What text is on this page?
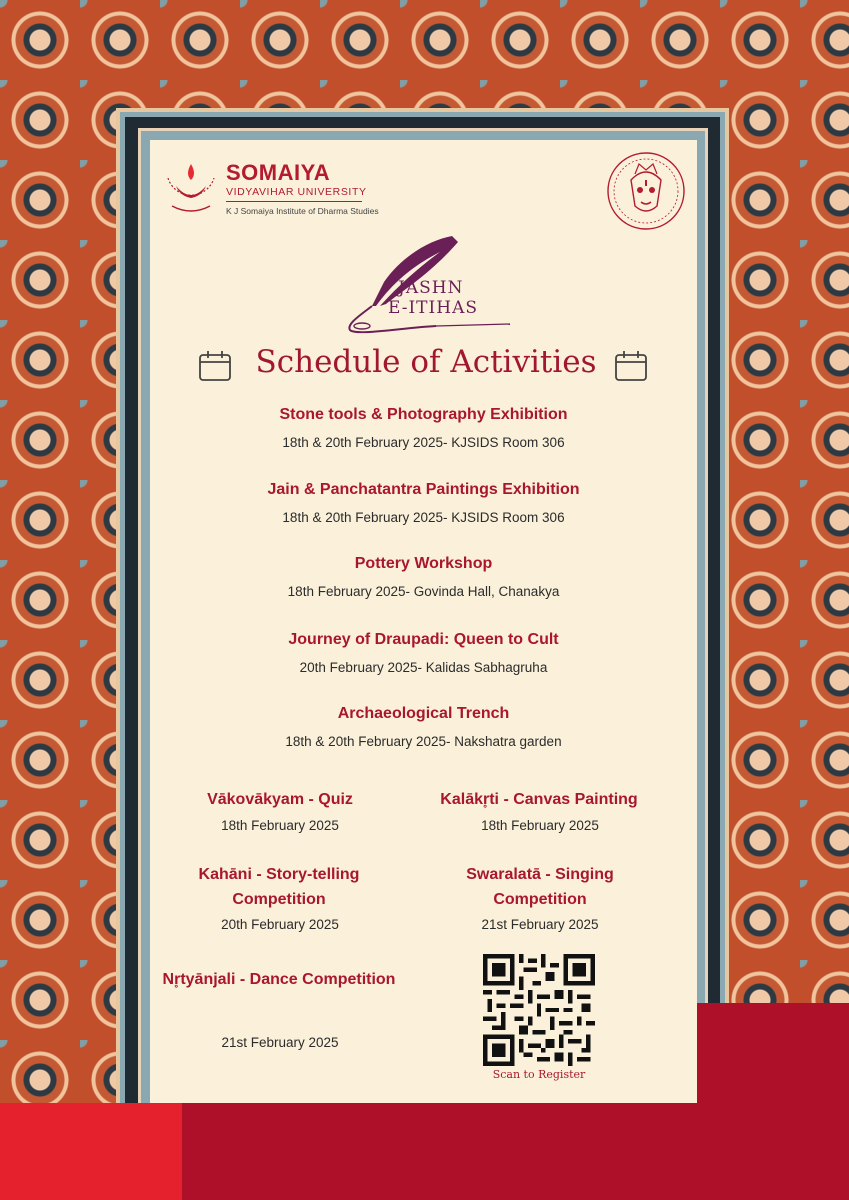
SOMAIYA
VIDYAVIHAR UNIVERSITY
K J Somaiya Institute of Dharma Studies
JASHN
E-ITIHAS
Schedule of Activities
Stone tools & Photography Exhibition
18th & 20th February 2025- KJSIDS Room 306
Jain & Panchatantra Paintings Exhibition
18th & 20th February 2025- KJSIDS Room 306
Pottery Workshop
18th February 2025- Govinda Hall, Chanakya
Journey of Draupadi: Queen to Cult
20th February 2025- Kalidas Sabhagruha
Archaeological Trench
18th & 20th February 2025- Nakshatra garden
Vākovākyam - Quiz
18th February 2025
Kahāni - Story-telling Competition
20th February 2025
Nr̥tyānjali - Dance Competition
21st February 2025
Kalākr̥ti - Canvas Painting
18th February 2025
Swaralatā - Singing Competition
21st February 2025
Scan to Register
